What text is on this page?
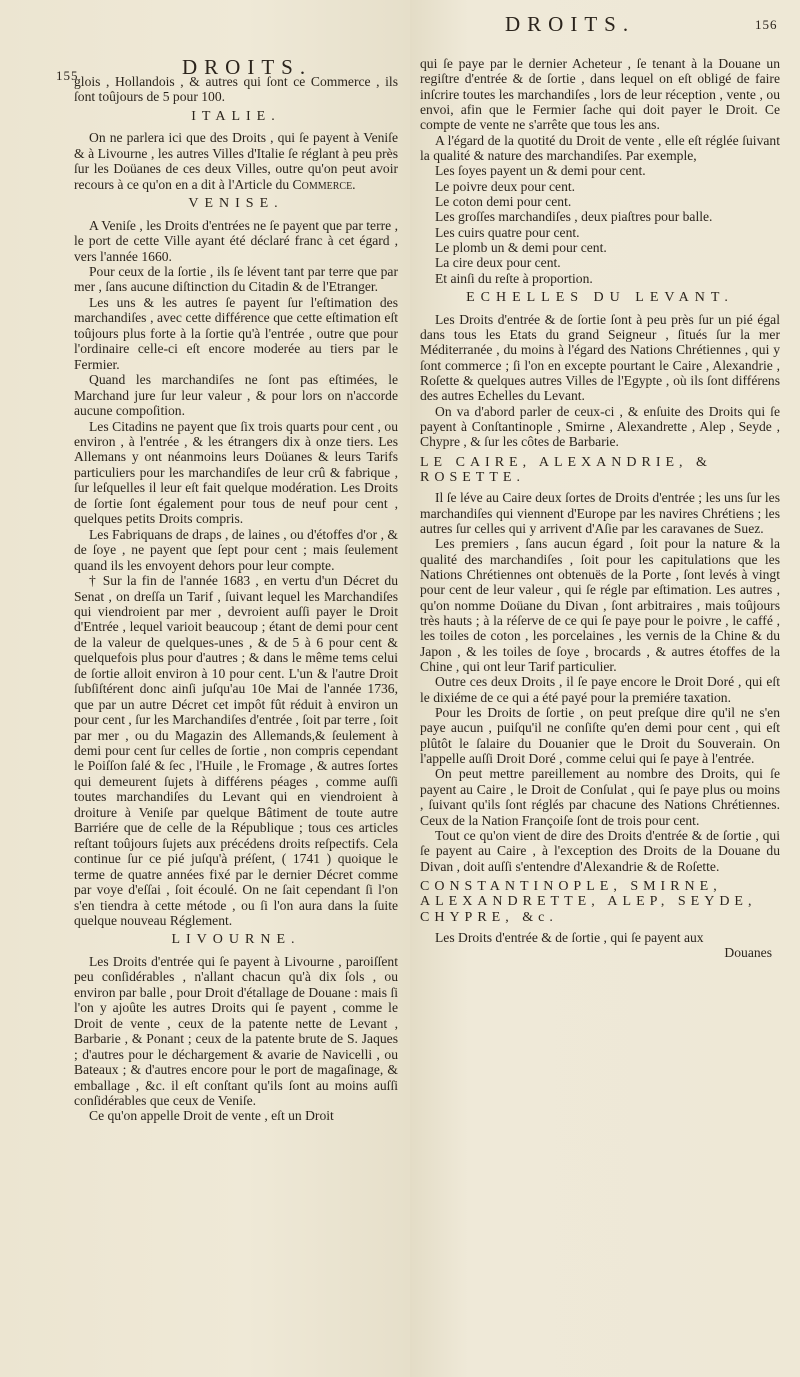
155	DROITS.

glois , Hollandois , & autres qui ſont ce Commerce , ils ſont toûjours de 5 pour 100.

ITALIE.

On ne parlera ici que des Droits , qui ſe payent à Veniſe & à Livourne , les autres Villes d'Italie ſe réglant à peu près ſur les Doüanes de ces deux Villes, outre qu'on peut avoir recours à ce qu'on en a dit à l'Article du Commerce.

VENISE.

A Veniſe , les Droits d'entrées ne ſe payent que par terre , le port de cette Ville ayant été déclaré franc à cet égard , vers l'année 1660.

Pour ceux de la ſortie , ils ſe lévent tant par terre que par mer , ſans aucune diſtinction du Citadin & de l'Etranger.

Les uns & les autres ſe payent ſur l'eſtimation des marchandiſes , avec cette différence que cette eſtimation eſt toûjours plus forte à la ſortie qu'à l'entrée , outre que pour l'ordinaire celle-ci eſt encore moderée au tiers par le Fermier.

Quand les marchandiſes ne ſont pas eſtimées, le Marchand jure ſur leur valeur , & pour lors on n'accorde aucune compoſition.

Les Citadins ne payent que ſix trois quarts pour cent , ou environ , à l'entrée , & les étrangers dix à onze tiers. Les Allemans y ont néanmoins leurs Doüanes & leurs Tarifs particuliers pour les marchandiſes de leur crû & fabrique , ſur leſquelles il leur eſt fait quelque modération. Les Droits de ſortie ſont également pour tous de neuf pour cent , quelques petits Droits compris.

Les Fabriquans de draps , de laines , ou d'étoffes d'or , & de ſoye , ne payent que ſept pour cent ; mais ſeulement quand ils les envoyent dehors pour leur compte.

† Sur la fin de l'année 1683 , en vertu d'un Décret du Senat , on dreſſa un Tarif , ſuivant lequel les Marchandiſes qui viendroient par mer , devroient auſſi payer le Droit d'Entrée , lequel varioit beaucoup ; étant de demi pour cent de la valeur de quelques-unes , & de 5 à 6 pour cent & quelquefois plus pour d'autres ; & dans le même tems celui de ſortie alloit environ à 10 pour cent. L'un & l'autre Droit ſubſiſtérent donc ainſi juſqu'au 10e Mai de l'année 1736, que par un autre Décret cet impôt fût réduit à environ un pour cent , ſur les Marchandiſes d'entrée , ſoit par terre , ſoit par mer , ou du Magazin des Allemands,& ſeulement à demi pour cent ſur celles de ſortie , non compris cependant le Poiſſon ſalé & ſec , l'Huile , le Fromage , & autres ſortes qui demeurent ſujets à différens péages , comme auſſi toutes marchandiſes du Levant qui en viendroient à droiture à Veniſe par quelque Bâtiment de toute autre Barriére que de celle de la République ; tous ces articles reſtant toûjours ſujets aux précédens droits reſpectifs. Cela continue ſur ce pié juſqu'à préſent, ( 1741 ) quoique le terme de quatre années fixé par le dernier Décret comme par voye d'eſſai , ſoit écoulé. On ne ſait cependant ſi l'on s'en tiendra à cette métode , ou ſi l'on aura dans la ſuite quelque nouveau Réglement.

LIVOURNE.

Les Droits d'entrée qui ſe payent à Livourne , paroiſſent peu conſidérables , n'allant chacun qu'à dix ſols , ou environ par balle , pour Droit d'étallage de Douane : mais ſi l'on y ajoûte les autres Droits qui ſe payent , comme le Droit de vente , ceux de la patente nette de Levant , Barbarie , & Ponant ; ceux de la patente brute de S. Jaques ; d'autres pour le déchargement & avarie de Navicelli , ou Bateaux ; & d'autres encore pour le port de magaſinage, & emballage , &c. il eſt conſtant qu'ils ſont au moins auſſi conſidérables que ceux de Veniſe.

Ce qu'on appelle Droit de vente , eſt un Droit

DROITS.	156

qui ſe paye par le dernier Acheteur , ſe tenant à la Douane un regiſtre d'entrée & de ſortie , dans lequel on eſt obligé de faire inſcrire toutes les marchandiſes , lors de leur réception , vente , ou envoi, afin que le Fermier ſache qui doit payer le Droit. Ce compte de vente ne s'arrête que tous les ans.

A l'égard de la quotité du Droit de vente , elle eſt réglée ſuivant la qualité & nature des marchandiſes. Par exemple,

Les ſoyes payent un & demi pour cent.

Le poivre deux pour cent.

Le coton demi pour cent.

Les groſſes marchandiſes , deux piaſtres pour balle.

Les cuirs quatre pour cent.

Le plomb un & demi pour cent.

La cire deux pour cent.

Et ainſi du reſte à proportion.

ECHELLES DU LEVANT.

Les Droits d'entrée & de ſortie ſont à peu près ſur un pié égal dans tous les Etats du grand Seigneur , ſitués ſur la mer Méditerranée , du moins à l'égard des Nations Chrétiennes , qui y ſont commerce ; ſi l'on en excepte pourtant le Caire , Alexandrie , Roſette & quelques autres Villes de l'Egypte , où ils ſont différens des autres Echelles du Levant.

On va d'abord parler de ceux-ci , & enſuite des Droits qui ſe payent à Conſtantinople , Smirne , Alexandrette , Alep , Seyde , Chypre , & ſur les côtes de Barbarie.

LE CAIRE, ALEXANDRIE, & ROSETTE.

Il ſe léve au Caire deux ſortes de Droits d'entrée ; les uns ſur les marchandiſes qui viennent d'Europe par les navires Chrétiens ; les autres ſur celles qui y arrivent d'Aſie par les caravanes de Suez.

Les premiers , ſans aucun égard , ſoit pour la nature & la qualité des marchandiſes , ſoit pour les capitulations que les Nations Chrétiennes ont obtenuës de la Porte , ſont levés à vingt pour cent de leur valeur , qui ſe régle par eſtimation. Les autres , qu'on nomme Doüane du Divan , ſont arbitraires , mais toûjours très hauts ; à la réſerve de ce qui ſe paye pour le poivre , le caffé , les toiles de coton , les porcelaines , les vernis de la Chine & du Japon , & les toiles de ſoye , brocards , & autres étoffes de la Chine , qui ont leur Tarif particulier.

Outre ces deux Droits , il ſe paye encore le Droit Doré , qui eſt le dixiéme de ce qui a été payé pour la premiére taxation.

Pour les Droits de ſortie , on peut preſque dire qu'il ne s'en paye aucun , puiſqu'il ne conſiſte qu'en demi pour cent , qui eſt plûtôt le ſalaire du Douanier que le Droit du Souverain. On l'appelle auſſi Droit Doré , comme celui qui ſe paye à l'entrée.

On peut mettre pareillement au nombre des Droits, qui ſe payent au Caire , le Droit de Conſulat , qui ſe paye plus ou moins , ſuivant qu'ils ſont réglés par chacune des Nations Chrétiennes. Ceux de la Nation Françoiſe ſont de trois pour cent.

Tout ce qu'on vient de dire des Droits d'entrée & de ſortie , qui ſe payent au Caire , à l'exception des Droits de la Douane du Divan , doit auſſi s'entendre d'Alexandrie & de Roſette.

CONSTANTINOPLE, SMIRNE, ALEXANDRETTE, ALEP, SEYDE, CHYPRE, &c.

Les Droits d'entrée & de ſortie , qui ſe payent aux

Douanes
